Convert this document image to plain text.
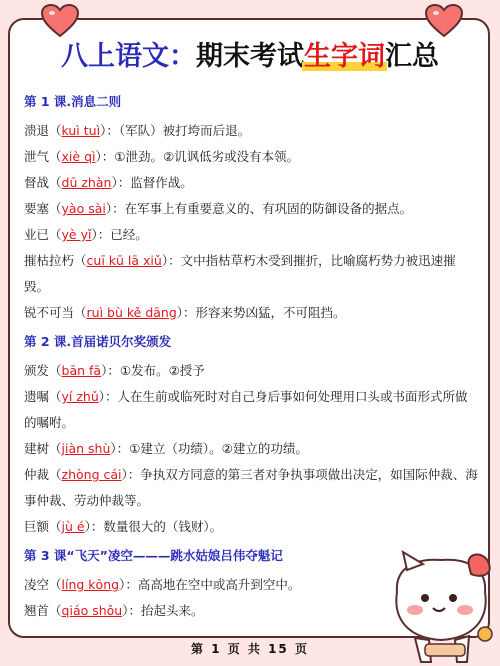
八上语文：期末考试生字词汇总
第 1 课.消息二则
溃退（kuì tuì）：（军队）被打垮而后退。
泄气（xiè qì）：①泄劲。②讥讽低劣或没有本领。
督战（dū zhàn）：监督作战。
要塞（yào sài）：在军事上有重要意义的、有巩固的防御设备的据点。
业已（yè yǐ）：已经。
摧枯拉朽（cuī kū lā xiǔ）：文中指枯草朽木受到摧折，比喻腐朽势力被迅速摧毁。
锐不可当（ruì bù kě dāng）：形容来势凶猛，不可阻挡。
第 2 课.首届诺贝尔奖颁发
颁发（bān fā）：①发布。②授予
遗嘱（yí zhǔ）：人在生前或临死时对自己身后事如何处理用口头或书面形式所做的嘱咐。
建树（jiàn shù）：①建立（功绩）。②建立的功绩。
仲裁（zhòng cái）：争执双方同意的第三者对争执事项做出决定，如国际仲裁、海事仲裁、劳动仲裁等。
巨额（jù é）：数量很大的（钱财）。
第 3 课“飞天”凌空———跳水姑娘吕伟夺魁记
凌空（líng kōng）：高高地在空中或高升到空中。
翘首（qiáo shǒu）：抬起头来。
第 1 页 共 15 页
